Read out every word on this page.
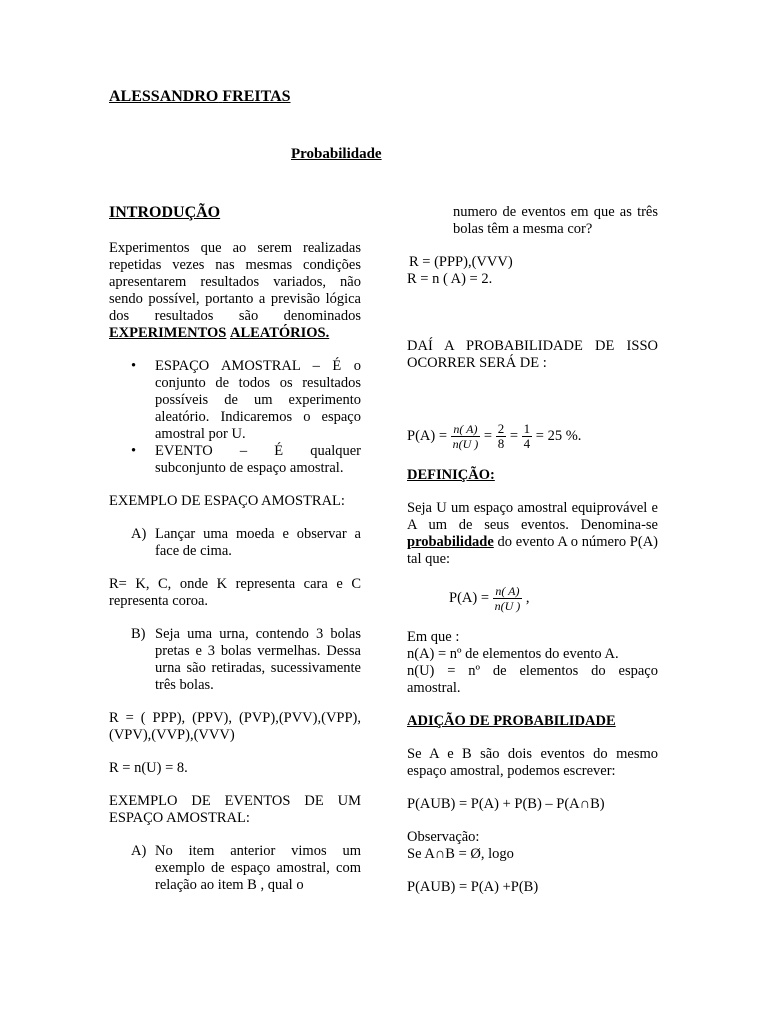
ALESSANDRO FREITAS
Probabilidade
INTRODUÇÃO

Experimentos que ao serem realizadas repetidas vezes nas mesmas condições apresentarem resultados variados, não sendo possível, portanto a previsão lógica dos resultados são denominados EXPERIMENTOS ALEATÓRIOS.

• ESPAÇO AMOSTRAL – É o conjunto de todos os resultados possíveis de um experimento aleatório. Indicaremos o espaço amostral por U.
• EVENTO – É qualquer subconjunto de espaço amostral.

EXEMPLO DE ESPAÇO AMOSTRAL:

A) Lançar uma moeda e observar a face de cima.

R= K, C, onde K representa cara e C representa coroa.

B) Seja uma urna, contendo 3 bolas pretas e 3 bolas vermelhas. Dessa urna são retiradas, sucessivamente três bolas.

R = ( PPP), (PPV), (PVP),(PVV),(VPP),(VPV),(VVP),(VVV)

R = n(U) = 8.

EXEMPLO DE EVENTOS DE UM ESPAÇO AMOSTRAL:

A) No item anterior vimos um exemplo de espaço amostral, com relação ao item B , qual o

numero de eventos em que as três bolas têm a mesma cor?

R = (PPP),(VVV)

R = n ( A) = 2.

DAÍ A PROBABILIDADE DE ISSO OCORRER SERÁ DE :

$P(A) = \frac{n( A)}{n(U )} = \frac{2}{8} = \frac{1}{4} = 25$ %.

DEFINIÇÃO:

Seja U um espaço amostral equiprovável e A um de seus eventos. Denomina-se probabilidade do evento A o número P(A) tal que:

$P(A) = \frac{n( A)}{n(U )}$ ,

Em que :

n(A) = nº de elementos do evento A.

n(U) = nº de elementos do espaço amostral.

ADIÇÃO DE PROBABILIDADE

Se A e B são dois eventos do mesmo espaço amostral, podemos escrever:

P(AUB) = P(A) + P(B) – P(A∩B)

Observação:

Se A∩B = Ø, logo

P(AUB) = P(A) +P(B)
